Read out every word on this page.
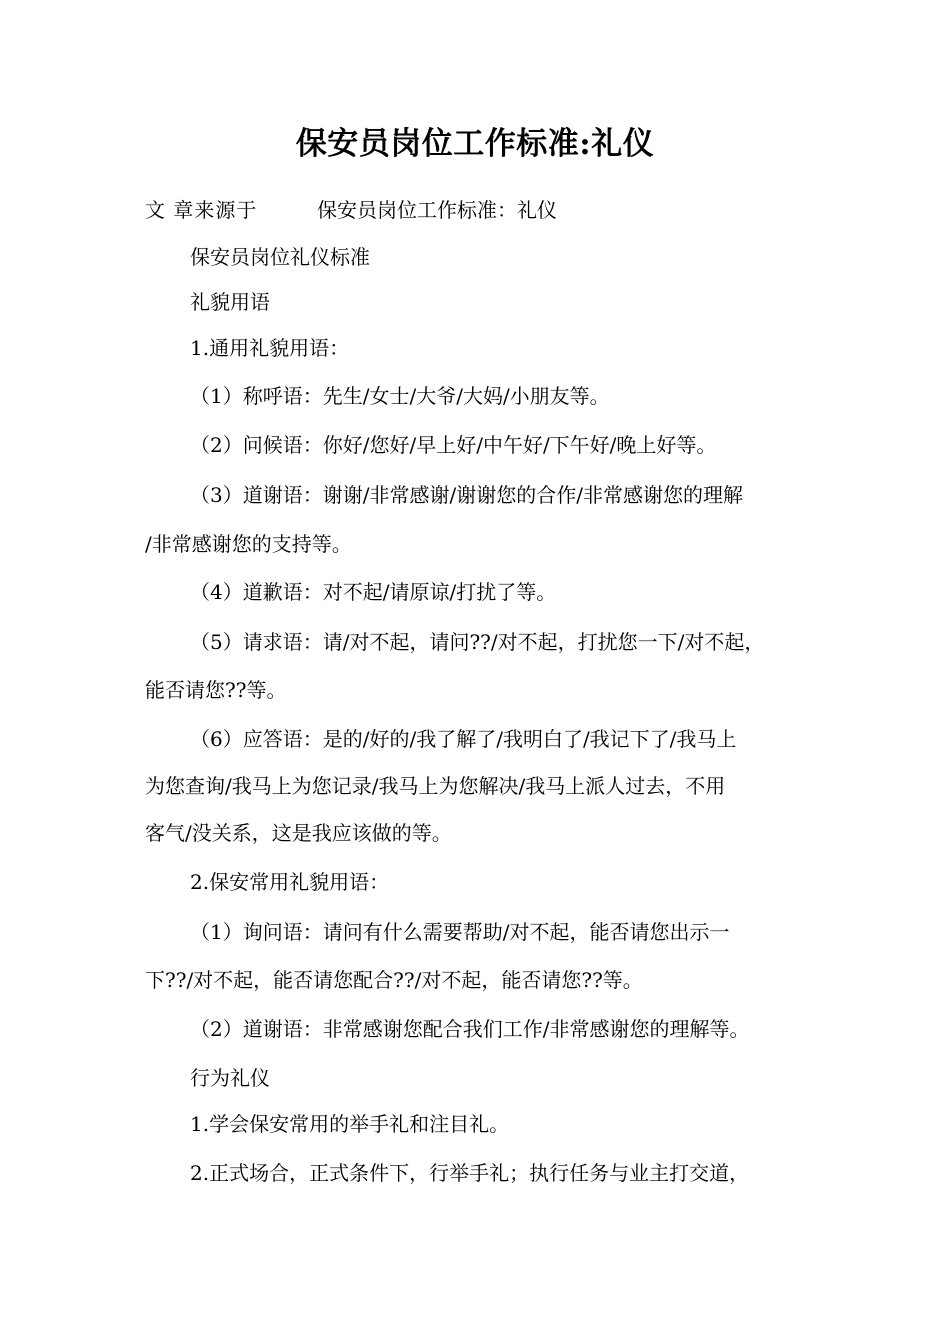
保安员岗位工作标准:礼仪
文 章来源于	保安员岗位工作标准：礼仪

保安员岗位礼仪标准

礼貌用语

1.通用礼貌用语：

（1）称呼语：先生/女士/大爷/大妈/小朋友等。

（2）问候语：你好/您好/早上好/中午好/下午好/晚上好等。

（3）道谢语：谢谢/非常感谢/谢谢您的合作/非常感谢您的理解

/非常感谢您的支持等。

（4）道歉语：对不起/请原谅/打扰了等。

（5）请求语：请/对不起，请问??/对不起，打扰您一下/对不起，

能否请您??等。

（6）应答语：是的/好的/我了解了/我明白了/我记下了/我马上

为您查询/我马上为您记录/我马上为您解决/我马上派人过去，不用

客气/没关系，这是我应该做的等。

2.保安常用礼貌用语：

（1）询问语：请问有什么需要帮助/对不起，能否请您出示一

下??/对不起，能否请您配合??/对不起，能否请您??等。

（2）道谢语：非常感谢您配合我们工作/非常感谢您的理解等。

行为礼仪

1.学会保安常用的举手礼和注目礼。

2.正式场合，正式条件下，行举手礼；执行任务与业主打交道，
